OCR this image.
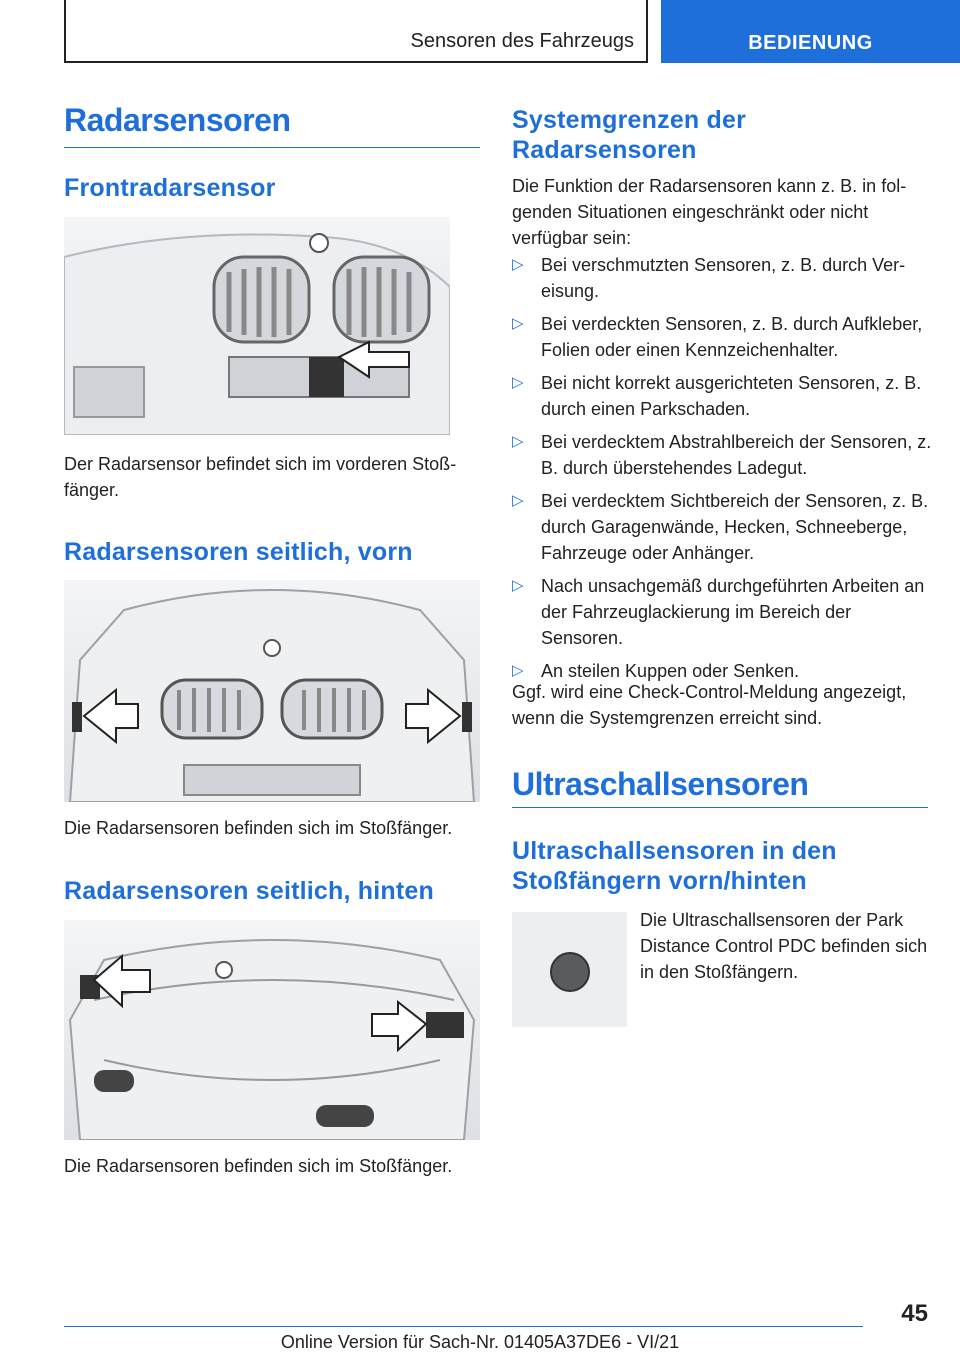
Sensoren des Fahrzeugs	BEDIENUNG
Radarsensoren
Frontradarsensor
Der Radarsensor befindet sich im vorderen Stoßfänger.
Radarsensoren seitlich, vorn
Die Radarsensoren befinden sich im Stoßfänger.
Radarsensoren seitlich, hinten
Die Radarsensoren befinden sich im Stoßfänger.
Systemgrenzen der Radarsensoren
Die Funktion der Radarsensoren kann z. B. in folgenden Situationen eingeschränkt oder nicht verfügbar sein:
▷ Bei verschmutzten Sensoren, z. B. durch Vereisung.
▷ Bei verdeckten Sensoren, z. B. durch Aufkleber, Folien oder einen Kennzeichenhalter.
▷ Bei nicht korrekt ausgerichteten Sensoren, z. B. durch einen Parkschaden.
▷ Bei verdecktem Abstrahlbereich der Sensoren, z. B. durch überstehendes Ladegut.
▷ Bei verdecktem Sichtbereich der Sensoren, z. B. durch Garagenwände, Hecken, Schneeberge, Fahrzeuge oder Anhänger.
▷ Nach unsachgemäß durchgeführten Arbeiten an der Fahrzeuglackierung im Bereich der Sensoren.
▷ An steilen Kuppen oder Senken.
Ggf. wird eine Check-Control-Meldung angezeigt, wenn die Systemgrenzen erreicht sind.
Ultraschallsensoren
Ultraschallsensoren in den Stoßfängern vorn/hinten
Die Ultraschallsensoren der Park Distance Control PDC befinden sich in den Stoßfängern.
45
Online Version für Sach-Nr. 01405A37DE6 - VI/21
